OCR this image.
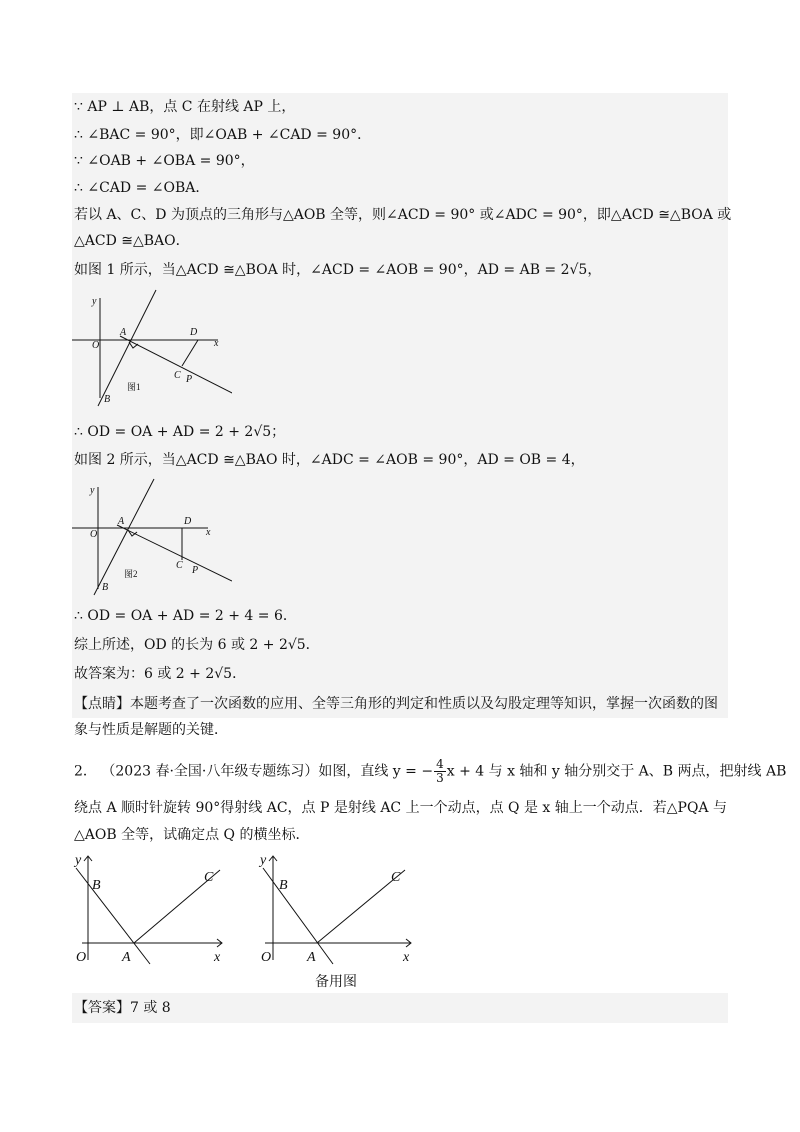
∵ AP ⊥ AB，点 C 在射线 AP 上，
∴ ∠BAC = 90°，即∠OAB + ∠CAD = 90°．
∵ ∠OAB + ∠OBA = 90°，
∴ ∠CAD = ∠OBA．
若以 A、C、D 为顶点的三角形与△AOB 全等，则∠ACD = 90° 或∠ADC = 90°，即△ACD ≅△BOA 或
△ACD ≅△BAO．
如图 1 所示，当△ACD ≅△BOA 时，∠ACD = ∠AOB = 90°，AD = AB = 2√5，
y
x
O
A
B
C
D
P
图1
∴ OD = OA + AD = 2 + 2√5；
如图 2 所示，当△ACD ≅△BAO 时，∠ADC = ∠AOB = 90°，AD = OB = 4，
y
x
O
A
B
C
D
P
图2
∴ OD = OA + AD = 2 + 4 = 6．
综上所述，OD 的长为 6 或 2 + 2√5．
故答案为：6 或 2 + 2√5．
【点睛】本题考查了一次函数的应用、全等三角形的判定和性质以及勾股定理等知识，掌握一次函数的图
象与性质是解题的关键．
2． （2023 春·全国·八年级专题练习）如图，直线 y = − $\frac{4}{3}$ x + 4 与 x 轴和 y 轴分别交于 A、B 两点，把射线 AB
绕点 A 顺时针旋转 90°得射线 AC，点 P 是射线 AC 上一个动点，点 Q 是 x 轴上一个动点．若△PQA 与
△AOB 全等，试确定点 Q 的横坐标．
y
x
O	A
B
C
y
x
O	A
B
C
备用图
【答案】7 或 8
